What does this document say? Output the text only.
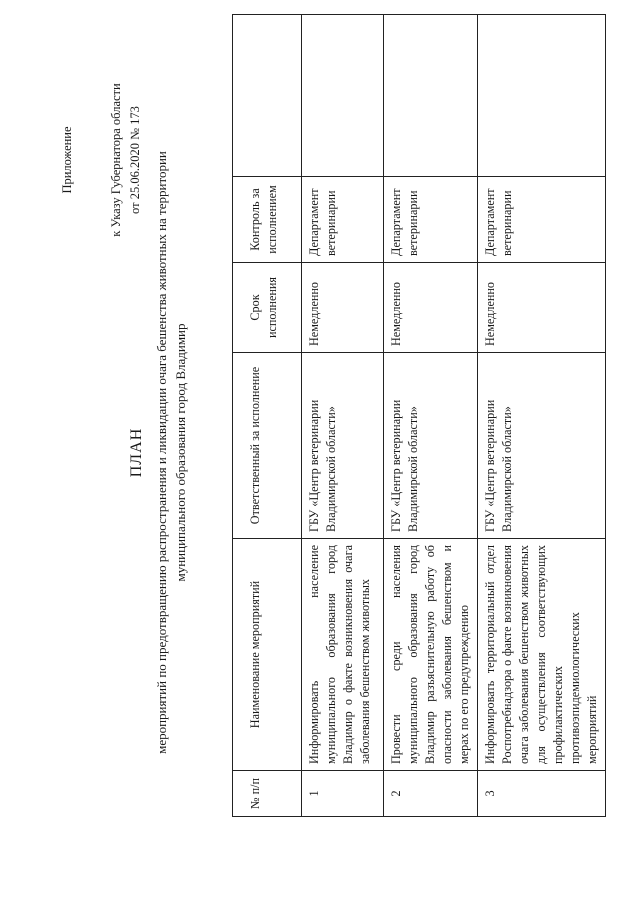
Приложение	к Указу Губернатора области от 25.06.2020 № 173
ПЛАН мероприятий по предотвращению распространения и ликвидации очага бешенства животных на территории муниципального образования город Владимир
№ п/п	Наименование мероприятий	Ответственный за исполнение	Срок исполнения	Контроль за исполнением	
1	Информировать население муниципального образования город Владимир о факте возникновения очага заболевания бешенством животных	ГБУ «Центр ветеринарии Владимирской области»	Немедленно	Департамент ветеринарии	
2	Провести среди населения муниципального образования город Владимир разъяснительную работу об опасности заболевания бешенством и мерах по его предупреждению	ГБУ «Центр ветеринарии Владимирской области»	Немедленно	Департамент ветеринарии	
3	Информировать территориальный отдел Роспотребнадзора о факте возникновения очага заболевания бешенством животных для осуществления соответствующих профилактических противоэпидемиологических мероприятий	ГБУ «Центр ветеринарии Владимирской области»	Немедленно	Департамент ветеринарии	
